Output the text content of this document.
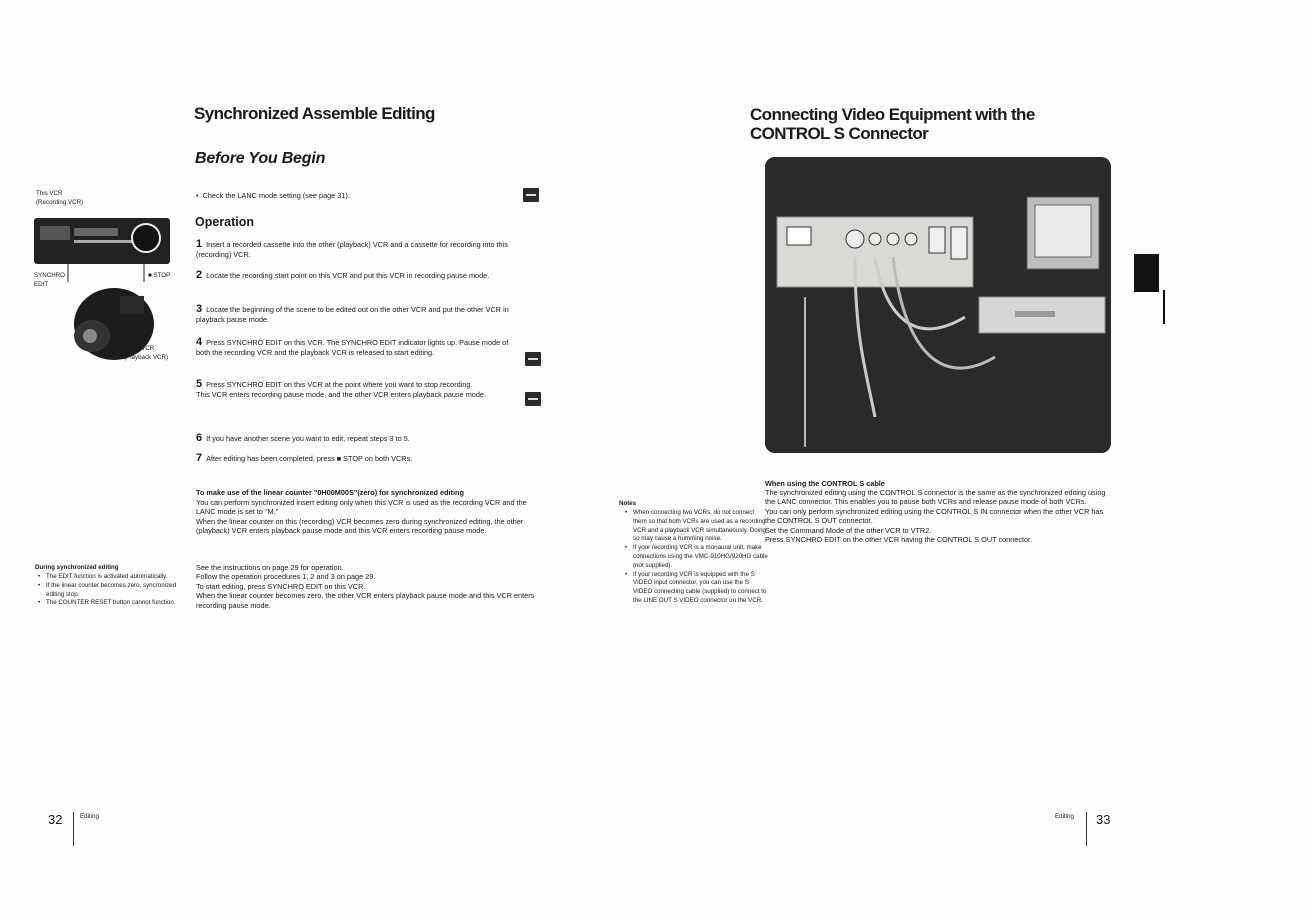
Synchronized Assemble Editing
Before You Begin
This VCR
(Recording VCR)
SYNCHRO
EDIT
■ STOP
Other VCR
(Playback VCR)
•  Check the LANC mode setting (see page 31).
Operation
1 Insert a recorded cassette into the other (playback) VCR and a cassette for recording into this (recording) VCR.
2 Locate the recording start point on this VCR and put this VCR in recording pause mode.
3 Locate the beginning of the scene to be edited out on the other VCR and put the other VCR in playback pause mode.
4 Press SYNCHRO EDIT on this VCR. The SYNCHRO EDIT indicator lights up. Pause mode of both the recording VCR and the playback VCR is released to start editing.
5 Press SYNCHRO EDIT on this VCR at the point where you want to stop recording.
This VCR enters recording pause mode, and the other VCR enters playback pause mode.
6 If you have another scene you want to edit, repeat steps 3 to 5.
7 After editing has been completed, press ■ STOP on both VCRs.
To make use of the linear counter "0H00M00S"(zero) for synchronized editing
You can perform synchronized insert editing only when this VCR is used as the recording VCR and the LANC mode is set to "M."
When the linear counter on this (recording) VCR becomes zero during synchronized editing, the other (playback) VCR enters playback pause mode and this VCR enters recording pause mode.
See the instructions on page 29 for operation.
Follow the operation procedures 1, 2 and 3 on page 29.
To start editing, press SYNCHRO EDIT on this VCR.
When the linear counter becomes zero, the other VCR enters playback pause mode and this VCR enters recording pause mode.
During synchronized editing
• The EDIT function is activated automatically.
• If the linear counter becomes zero, syncronized editing stop.
• The COUNTER RESET button cannot function.
32	Editing
Connecting Video Equipment with the
CONTROL S Connector
Notes
• When connecting two VCRs, do not connect them so that both VCRs are used as a recording VCR and a playback VCR simultaneously. Doing so may cause a humming noise.
• If your recording VCR is a monaural unit, make connections using the VMC-910HG/920HG cable (not supplied).
• If your recording VCR is equipped with the S VIDEO input connector, you can use the S VIDEO connecting cable (supplied) to connect to the LINE OUT S VIDEO connector on the VCR.
When using the CONTROL S cable
The synchronized editing using the CONTROL S connector is the same as the synchronized editing using the LANC connector. This enables you to pause both VCRs and release pause mode of both VCRs.
You can only perform synchronized editing using the CONTROL S IN connector when the other VCR has the CONTROL S OUT connector.
Set the Command Mode of the other VCR to VTR2.
Press SYNCHRO EDIT on the other VCR having the CONTROL S OUT connector.
Editing 33
